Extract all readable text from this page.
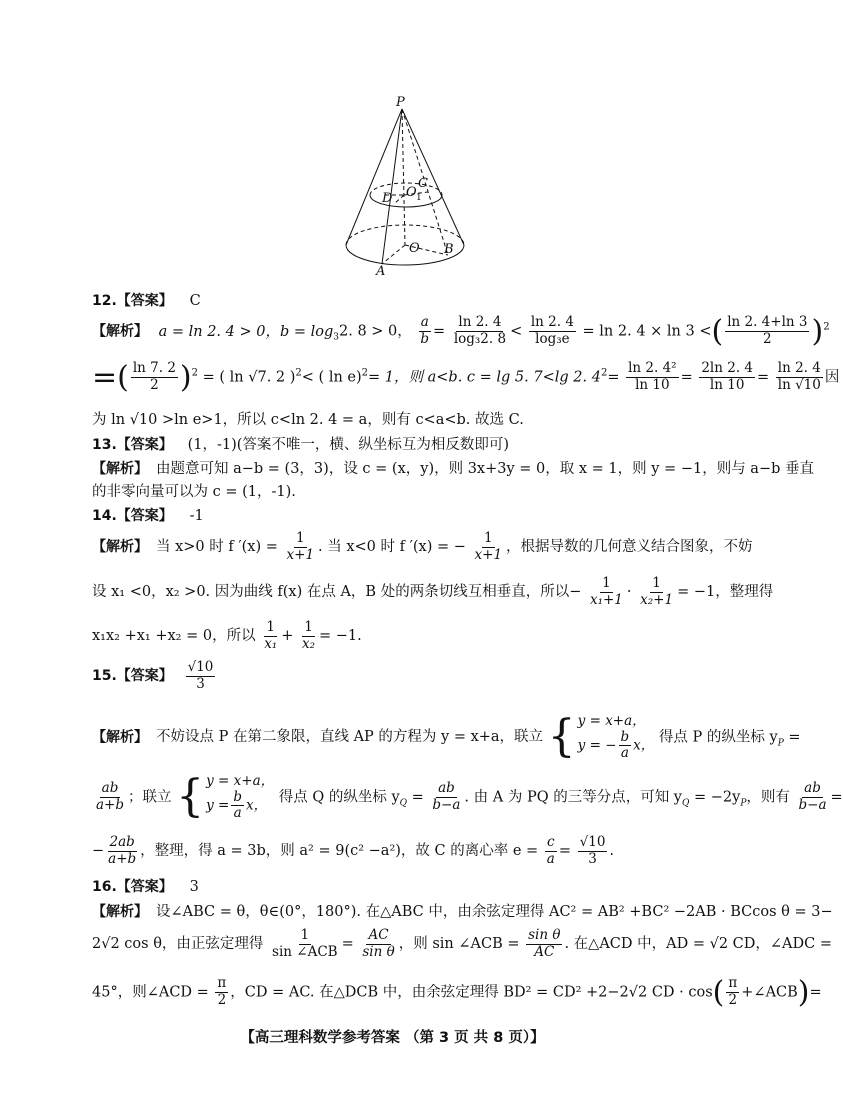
P
D O 1
C
O B
A
12.【答案】 C
【解析】 a = ln 2. 4 > 0，$b = \log_32$. 8 > 0， $\frac{a}{b} = \frac{\ln 2. 4}{\text{log₃2. 8}} < \frac{\ln 2. 4}{\text{log₃e}} = \ln 2$. 4 × ln 3 <( $\frac{\ln 2. 4+\ln 3}{2} )^2$
=( $\frac{\ln 7. 2}{2} )^2$ = ( ln √7. 2 )$^2$< ( ln e)$^2$= 1，则 a<b. c = lg 5. 7<lg 2. $4^2= \frac{\text{ln 2. 4²}}{\ln 10} = \frac{2\ln 2. 4}{\ln 10} = \frac{\ln 2. 4}{\ln √10}$ 因
为 ln √10 >ln e>1，所以 c<ln 2. 4 = a，则有 c<a<b. 故选 C.
13.【答案】 (1，-1)(答案不唯一，横、纵坐标互为相反数即可)
【解析】 由题意可知 a−b = (3，3)，设 c = (x，y)，则 3x+3y = 0，取 x = 1，则 y = −1，则与 a−b 垂直
的非零向量可以为 c = (1，-1).
14.【答案】 -1
【解析】 当 x>0 时 f $'(x) = \frac{1}{x+1}$ . 当 x<0 时 f ′(x) = − $\frac{1}{x+1}$ ，根据导数的几何意义结合图象，不妨
设 x₁ <0，x₂ >0. 因为曲线 f(x) 在点 A，B 处的两条切线互相垂直，所以− $\frac{1}{\text{x₁+1}} \cdot \frac{1}{\text{x₂+1}} = -1$，整理得
x₁x₂ +x₁ +x₂ = 0，所以 $\frac{1}{\text{x₁}} + \frac{1}{\text{x₂}} = -1$.
15.【答案】 $\frac{√10}{3}$
【解析】 不妨设点 P 在第二象限，直线 AP 的方程为 y = x+a，联立 { y = x+a，
y = − $\frac{b}{a}$ x， 得点 P 的纵坐标 $y_P$ =
$\frac{ab}{a+b}$ ；联立 { y = x+a，
$y = \frac{b}{a}$ x， 得点 Q 的纵坐标 $y_Q = \frac{ab}{b-a}$ . 由 A 为 PQ 的三等分点，可知 $y_Q = -2y_P$，则有 $\frac{ab}{b-a}$ =
− $\frac{2ab}{a+b}$ ，整理，得 a = 3b，则 a² = 9(c² −a²)，故 C 的离心率 $e = \frac{c}{a} = \frac{√10}{3}$ .
16.【答案】 3
【解析】 设∠ABC = θ，θ∈(0°，180°). 在△ABC 中，由余弦定理得 AC² = AB² +BC² −2AB · BCcos θ = 3−
2√2 cos θ，由正弦定理得 $\frac{1}{\text{sin ∠ACB}} = \frac{AC}{\text{sin θ}}$ ，则 sin ∠ACB = $\frac{\text{sin θ}}{AC}$ . 在△ACD 中，AD = √2 CD，∠ADC =
45°，则∠ACD = $\frac{\pi}{2}$ ，CD = AC. 在△DCB 中，由余弦定理得 BD² = CD² +2−2√2 CD · $\cos( \frac{\pi}{2}$ +∠ACB)=
【高三理科数学参考答案 （第 3 页 共 8 页）】
